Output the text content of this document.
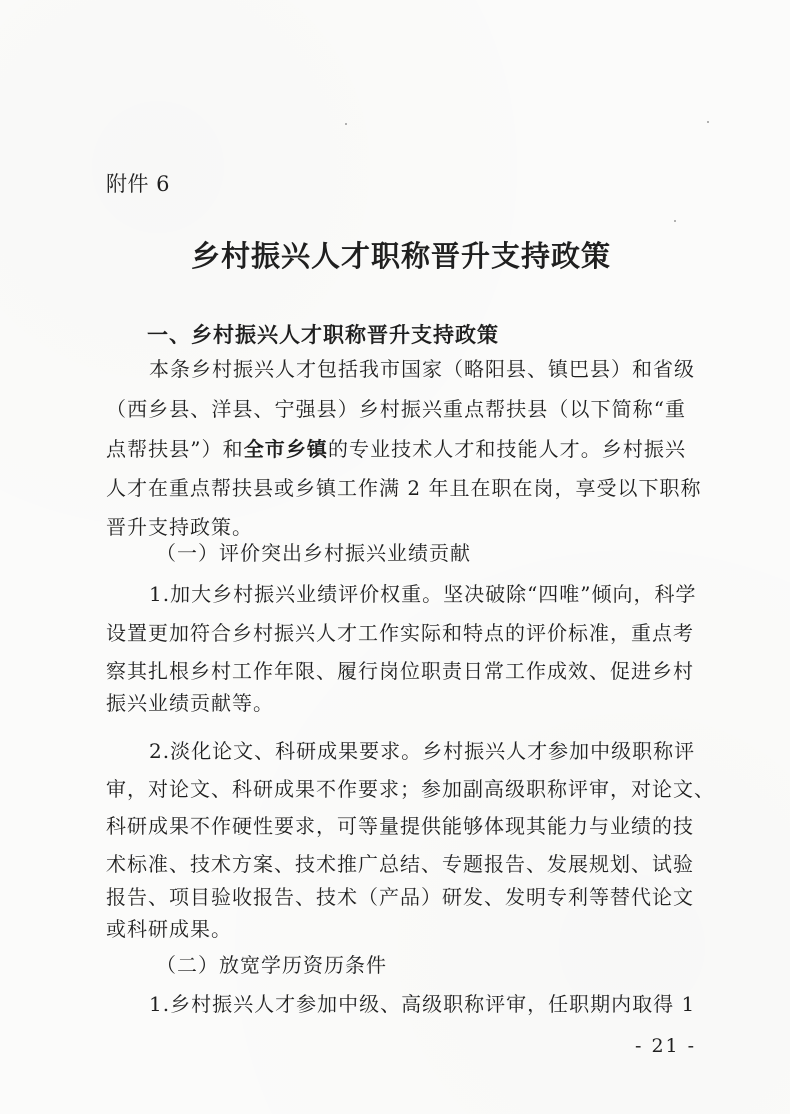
附件 6
乡村振兴人才职称晋升支持政策
一、乡村振兴人才职称晋升支持政策
本条乡村振兴人才包括我市国家（略阳县、镇巴县）和省级
（西乡县、洋县、宁强县）乡村振兴重点帮扶县（以下简称“重
点帮扶县”）和全市乡镇的专业技术人才和技能人才。乡村振兴
人才在重点帮扶县或乡镇工作满 2 年且在职在岗，享受以下职称
晋升支持政策。
（一）评价突出乡村振兴业绩贡献
1.加大乡村振兴业绩评价权重。坚决破除“四唯”倾向，科学
设置更加符合乡村振兴人才工作实际和特点的评价标准，重点考
察其扎根乡村工作年限、履行岗位职责日常工作成效、促进乡村
振兴业绩贡献等。
2.淡化论文、科研成果要求。乡村振兴人才参加中级职称评
审，对论文、科研成果不作要求；参加副高级职称评审，对论文、
科研成果不作硬性要求，可等量提供能够体现其能力与业绩的技
术标准、技术方案、技术推广总结、专题报告、发展规划、试验
报告、项目验收报告、技术（产品）研发、发明专利等替代论文
或科研成果。
（二）放宽学历资历条件
1.乡村振兴人才参加中级、高级职称评审，任职期内取得 1
- 21 -
